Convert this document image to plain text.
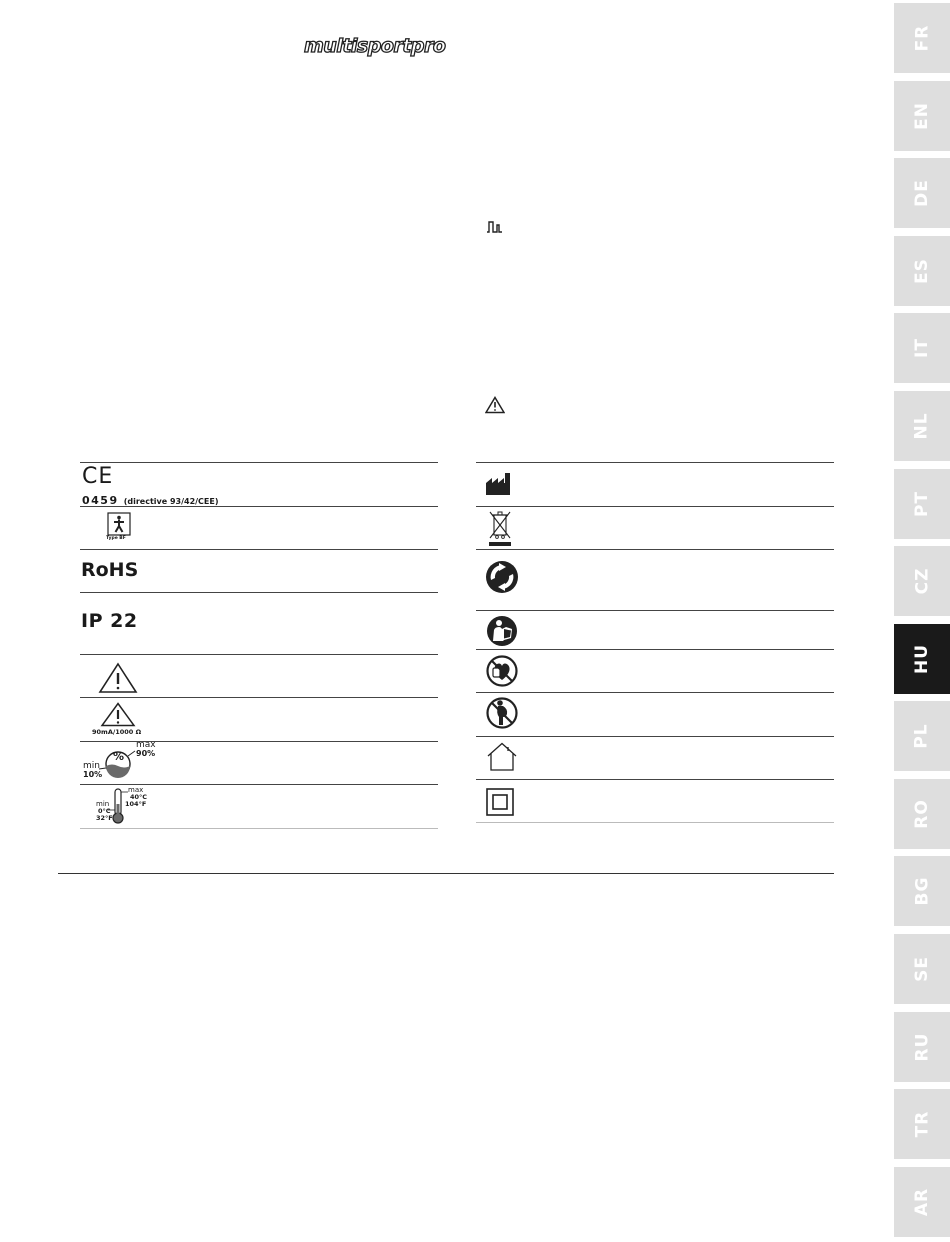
multisportpro
CE
0459 (directive 93/42/CEE)
Type BF
RoHS
IP 22
90mA/1000 Ω
%
max
90%
min
10%
max
40°C
104°F
min
0°C
32°F
FR
EN
DE
ES
IT
NL
PT
CZ
HU
PL
RO
BG
SE
RU
TR
AR
